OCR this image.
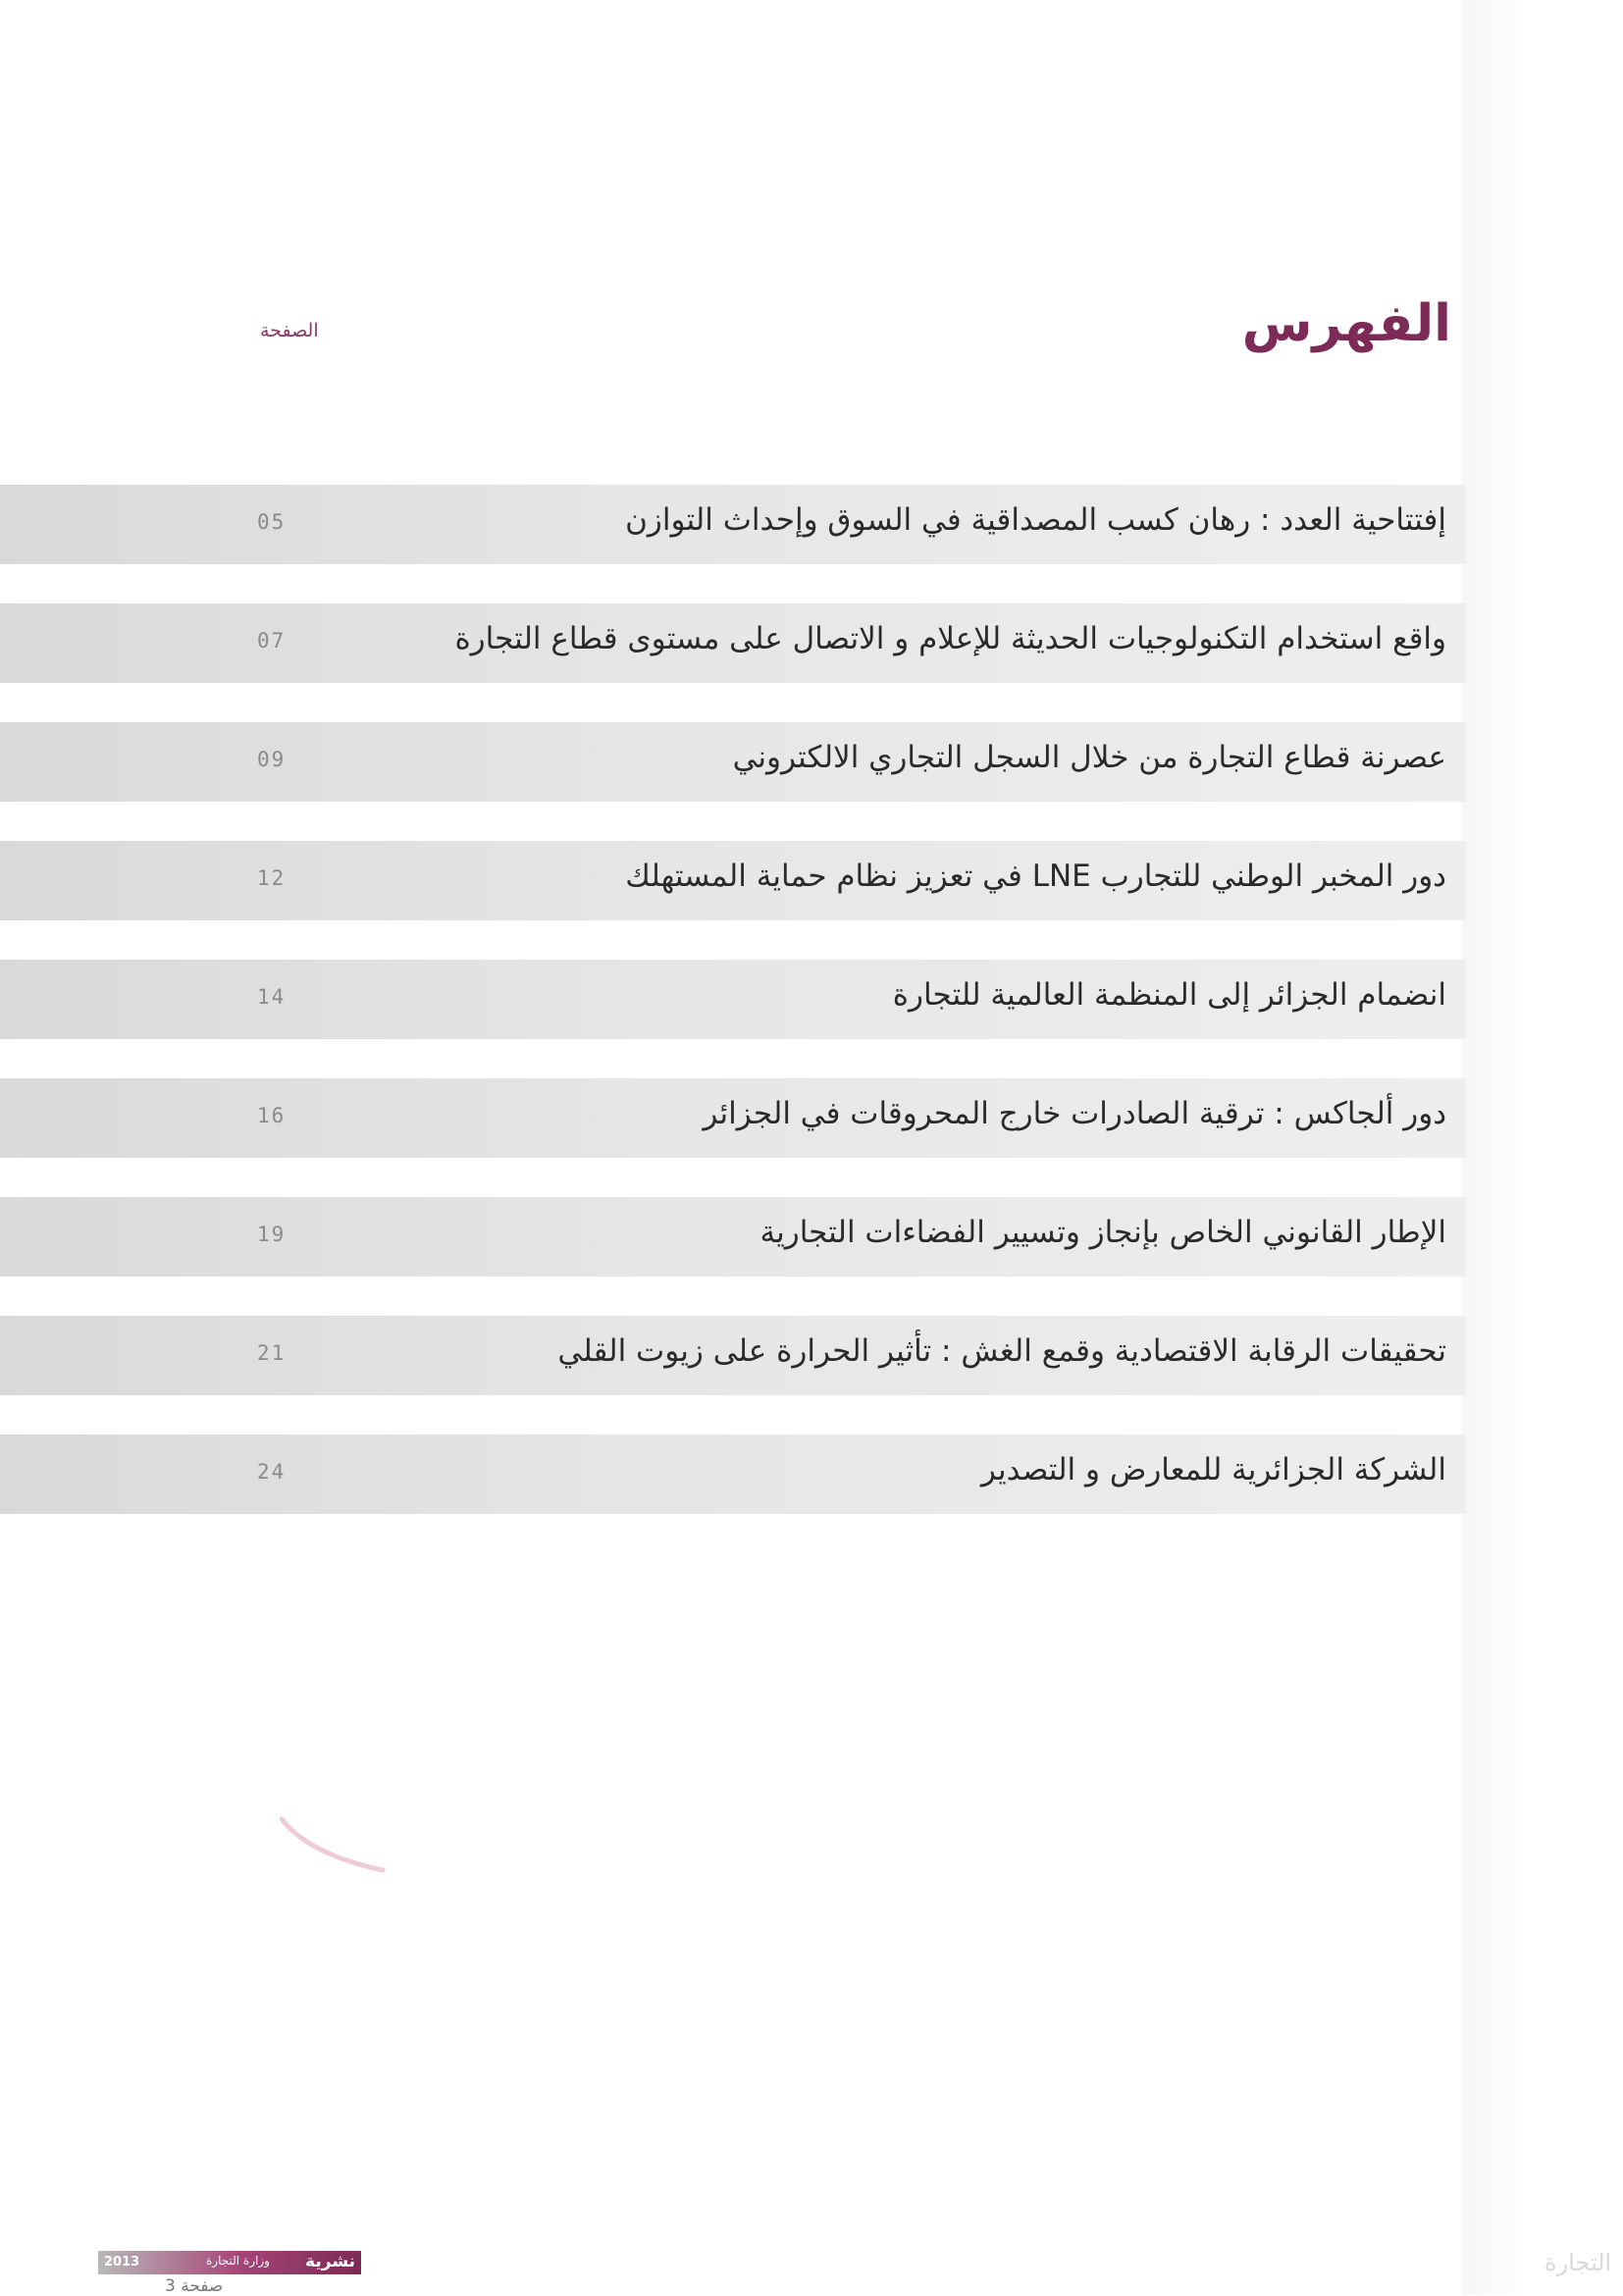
الفهرس
الصفحة
إفتتاحية العدد : رهان كسب المصداقية في السوق وإحداث التوازن
05
واقع استخدام التكنولوجيات الحديثة للإعلام و الاتصال على مستوى قطاع التجارة
07
عصرنة قطاع التجارة من خلال السجل التجاري الالكتروني
09
دور المخبر الوطني للتجارب LNE في تعزيز نظام حماية المستهلك
12
انضمام الجزائر إلى المنظمة العالمية للتجارة
14
دور ألجاكس : ترقية الصادرات خارج المحروقات في الجزائر
16
الإطار القانوني الخاص بإنجاز وتسيير الفضاءات التجارية
19
تحقيقات الرقابة الاقتصادية وقمع الغش : تأثير الحرارة على زيوت القلي
21
الشركة الجزائرية للمعارض و التصدير
24
2013	وزارة التجارة نشرية
صفحة 3
التجارة
